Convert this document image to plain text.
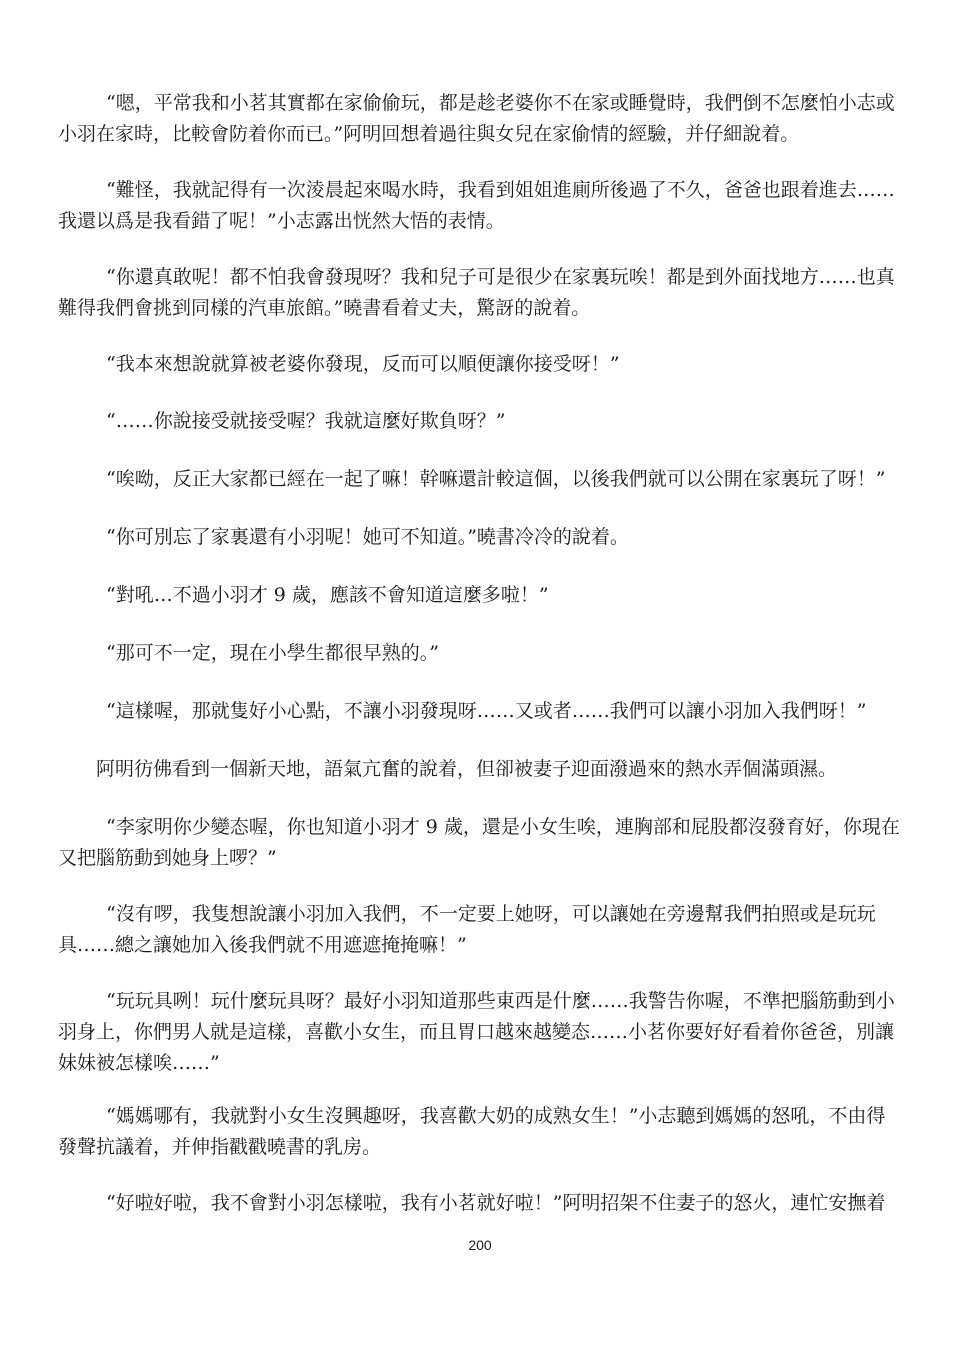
“嗯，平常我和小茗其實都在家偷偷玩，都是趁老婆你不在家或睡覺時，我們倒不怎麼怕小志或小羽在家時，比較會防着你而已。”阿明回想着過往與女兒在家偷情的經驗，并仔細說着。

“難怪，我就記得有一次淩晨起來喝水時，我看到姐姐進廁所後過了不久，爸爸也跟着進去……我還以爲是我看錯了呢！”小志露出恍然大悟的表情。

“你還真敢呢！都不怕我會發現呀？我和兒子可是很少在家裏玩唉！都是到外面找地方……也真難得我們會挑到同樣的汽車旅館。”曉書看着丈夫，驚訝的說着。

“我本來想說就算被老婆你發現，反而可以順便讓你接受呀！”

“……你說接受就接受喔？我就這麼好欺負呀？”

“唉呦，反正大家都已經在一起了嘛！幹嘛還計較這個，以後我們就可以公開在家裏玩了呀！”

“你可別忘了家裏還有小羽呢！她可不知道。”曉書冷冷的說着。

“對吼…不過小羽才 9 歲，應該不會知道這麼多啦！”

“那可不一定，現在小學生都很早熟的。”

“這樣喔，那就隻好小心點，不讓小羽發現呀……又或者……我們可以讓小羽加入我們呀！”

阿明彷佛看到一個新天地，語氣亢奮的說着，但卻被妻子迎面潑過來的熱水弄個滿頭濕。

“李家明你少變态喔，你也知道小羽才 9 歲，還是小女生唉，連胸部和屁股都沒發育好，你現在又把腦筋動到她身上啰？”

“沒有啰，我隻想說讓小羽加入我們，不一定要上她呀，可以讓她在旁邊幫我們拍照或是玩玩具……總之讓她加入後我們就不用遮遮掩掩嘛！”

“玩玩具咧！玩什麼玩具呀？最好小羽知道那些東西是什麼……我警告你喔，不準把腦筋動到小羽身上，你們男人就是這樣，喜歡小女生，而且胃口越來越變态……小茗你要好好看着你爸爸，別讓妹妹被怎樣唉……”

“媽媽哪有，我就對小女生沒興趣呀，我喜歡大奶的成熟女生！”小志聽到媽媽的怒吼，不由得發聲抗議着，并伸指戳戳曉書的乳房。

“好啦好啦，我不會對小羽怎樣啦，我有小茗就好啦！”阿明招架不住妻子的怒火，連忙安撫着

200
